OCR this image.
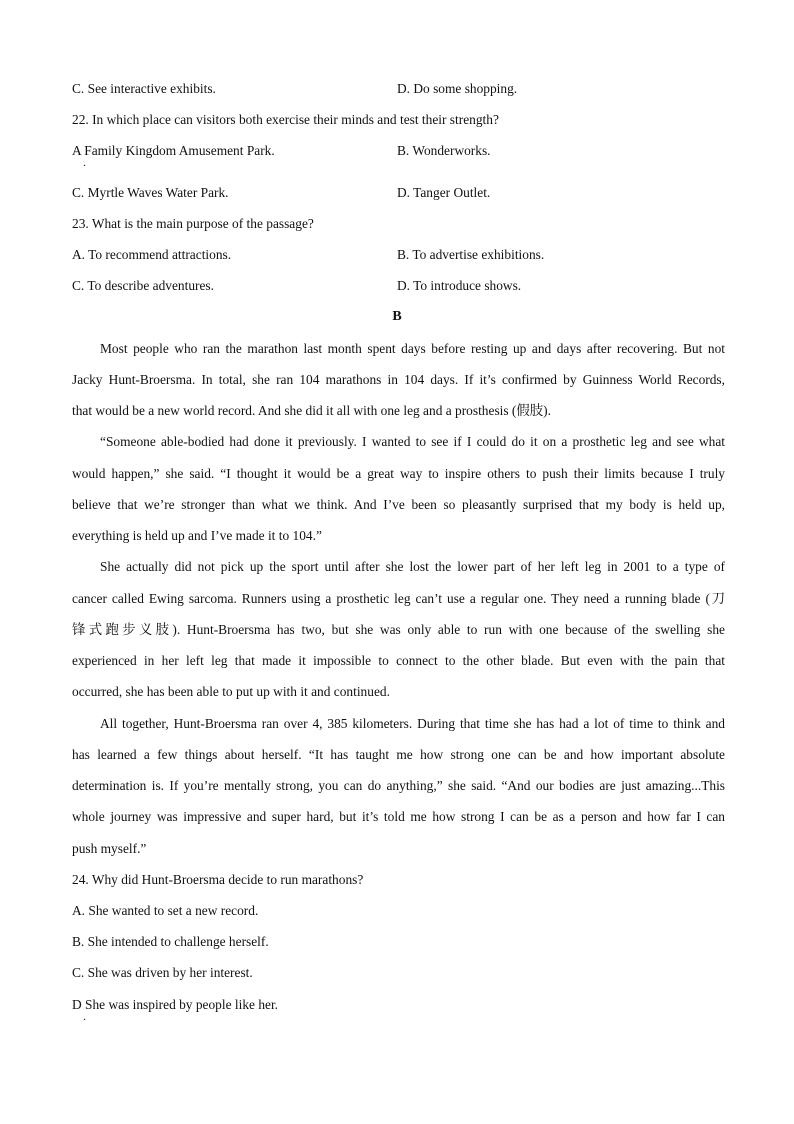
C. See interactive exhibits.	D. Do some shopping.
22. In which place can visitors both exercise their minds and test their strength?
A Family Kingdom Amusement Park.
.
B. Wonderworks.
C. Myrtle Waves Water Park.	D. Tanger Outlet.
23. What is the main purpose of the passage?
A. To recommend attractions.	B. To advertise exhibitions.
C. To describe adventures.	D. To introduce shows.
B
Most people who ran the marathon last month spent days before resting up and days after recovering. But not
Jacky Hunt-Broersma. In total, she ran 104 marathons in 104 days. If it’s confirmed by Guinness World Records,
that would be a new world record. And she did it all with one leg and a prosthesis (假肢).
“Someone able-bodied had done it previously. I wanted to see if I could do it on a prosthetic leg and see what
would happen,” she said. “I thought it would be a great way to inspire others to push their limits because I truly
believe that we’re stronger than what we think. And I’ve been so pleasantly surprised that my body is held up,
everything is held up and I’ve made it to 104.”
She actually did not pick up the sport until after she lost the lower part of her left leg in 2001 to a type of
cancer called Ewing sarcoma. Runners using a prosthetic leg can’t use a regular one. They need a running blade (刀
锋式跑步义肢). Hunt-Broersma has two, but she was only able to run with one because of the swelling she
experienced in her left leg that made it impossible to connect to the other blade. But even with the pain that
occurred, she has been able to put up with it and continued.
All together, Hunt-Broersma ran over 4, 385 kilometers. During that time she has had a lot of time to think and
has learned a few things about herself. “It has taught me how strong one can be and how important absolute
determination is. If you’re mentally strong, you can do anything,” she said. “And our bodies are just amazing...This
whole journey was impressive and super hard, but it’s told me how strong I can be as a person and how far I can
push myself.”
24. Why did Hunt-Broersma decide to run marathons?
A. She wanted to set a new record.
B. She intended to challenge herself.
C. She was driven by her interest.
D She was inspired by people like her.
.
